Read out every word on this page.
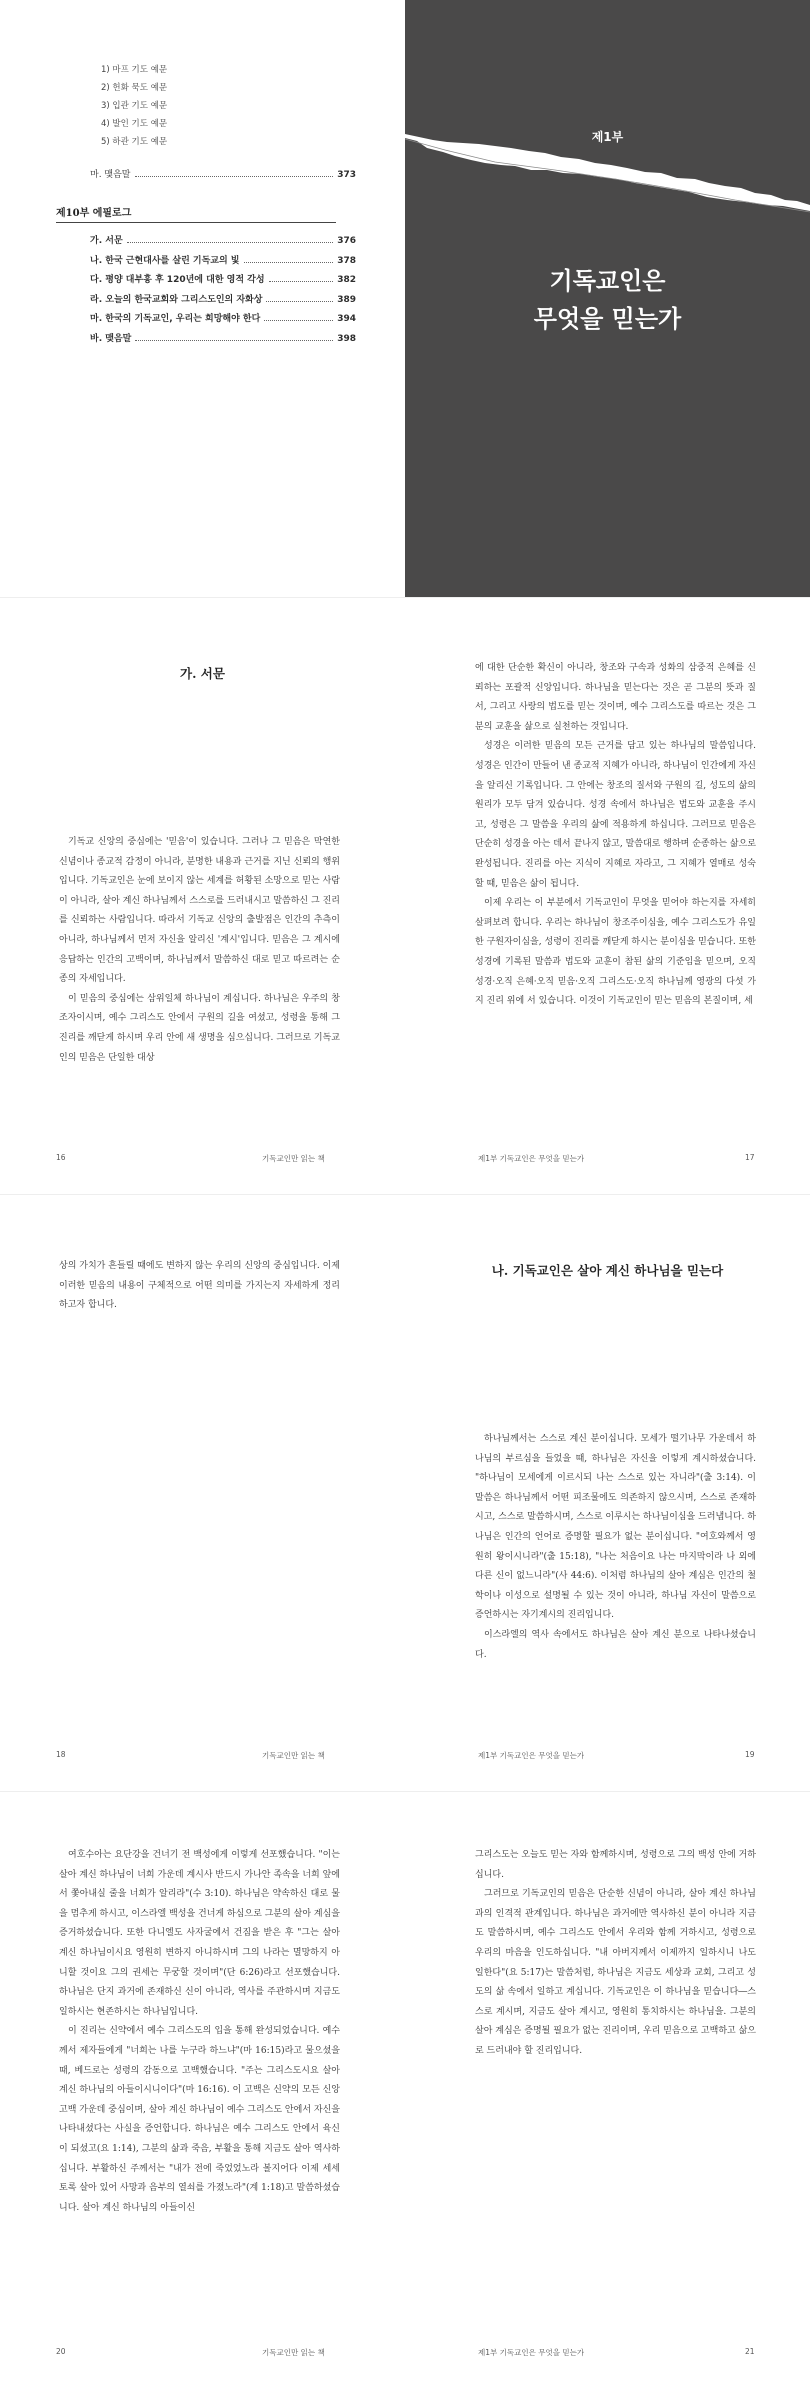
1) 마프 기도 예문
2) 헌화 묵도 예문
3) 입관 기도 예문
4) 발인 기도 예문
5) 하관 기도 예문
마. 맺음말	373
제10부 에필로그
가. 서문	376
나. 한국 근현대사를 살린 기독교의 빛	378
다. 평양 대부흥 후 120년에 대한 영적 각성	382
라. 오늘의 한국교회와 그리스도인의 자화상	389
마. 한국의 기독교인, 우리는 희망해야 한다	394
바. 맺음말	398
제1부
기독교인은
무엇을 믿는가
가. 서문

기독교 신앙의 중심에는 '믿음'이 있습니다. 그러나 그 믿음은 막연한 신념이나 종교적 감정이 아니라, 분명한 내용과 근거를 지닌 신뢰의 행위입니다. 기독교인은 눈에 보이지 않는 세계를 허황된 소망으로 믿는 사람이 아니라, 살아 계신 하나님께서 스스로를 드러내시고 말씀하신 그 진리를 신뢰하는 사람입니다. 따라서 기독교 신앙의 출발점은 인간의 추측이 아니라, 하나님께서 먼저 자신을 알리신 '계시'입니다. 믿음은 그 계시에 응답하는 인간의 고백이며, 하나님께서 말씀하신 대로 믿고 따르려는 순종의 자세입니다.

이 믿음의 중심에는 삼위일체 하나님이 계십니다. 하나님은 우주의 창조자이시며, 예수 그리스도 안에서 구원의 길을 여셨고, 성령을 통해 그 진리를 깨닫게 하시며 우리 안에 새 생명을 심으십니다. 그러므로 기독교인의 믿음은 단일한 대상

16	기독교인만 읽는 책

에 대한 단순한 확신이 아니라, 창조와 구속과 성화의 삼중적 은혜를 신뢰하는 포괄적 신앙입니다. 하나님을 믿는다는 것은 곧 그분의 뜻과 질서, 그리고 사랑의 법도를 믿는 것이며, 예수 그리스도를 따르는 것은 그분의 교훈을 삶으로 실천하는 것입니다.

성경은 이러한 믿음의 모든 근거를 담고 있는 하나님의 말씀입니다. 성경은 인간이 만들어 낸 종교적 지혜가 아니라, 하나님이 인간에게 자신을 알리신 기록입니다. 그 안에는 창조의 질서와 구원의 길, 성도의 삶의 원리가 모두 담겨 있습니다. 성경 속에서 하나님은 법도와 교훈을 주시고, 성령은 그 말씀을 우리의 삶에 적용하게 하십니다. 그러므로 믿음은 단순히 성경을 아는 데서 끝나지 않고, 말씀대로 행하며 순종하는 삶으로 완성됩니다. 진리를 아는 지식이 지혜로 자라고, 그 지혜가 열매로 성숙할 때, 믿음은 삶이 됩니다.

이제 우리는 이 부분에서 기독교인이 무엇을 믿어야 하는지를 자세히 살펴보려 합니다. 우리는 하나님이 창조주이심을, 예수 그리스도가 유일한 구원자이심을, 성령이 진리를 깨닫게 하시는 분이심을 믿습니다. 또한 성경에 기록된 말씀과 법도와 교훈이 참된 삶의 기준임을 믿으며, 오직 성경·오직 은혜·오직 믿음·오직 그리스도·오직 하나님께 영광의 다섯 가지 진리 위에 서 있습니다. 이것이 기독교인이 믿는 믿음의 본질이며, 세

제1부 기독교인은 무엇을 믿는가	17

상의 가치가 흔들릴 때에도 변하지 않는 우리의 신앙의 중심입니다. 이제 이러한 믿음의 내용이 구체적으로 어떤 의미를 가지는지 자세하게 정리하고자 합니다.

18	기독교인만 읽는 책
나. 기독교인은 살아 계신 하나님을 믿는다

하나님께서는 스스로 계신 분이십니다. 모세가 떨기나무 가운데서 하나님의 부르심을 들었을 때, 하나님은 자신을 이렇게 계시하셨습니다. "하나님이 모세에게 이르시되 나는 스스로 있는 자니라"(출 3:14). 이 말씀은 하나님께서 어떤 피조물에도 의존하지 않으시며, 스스로 존재하시고, 스스로 말씀하시며, 스스로 이루시는 하나님이심을 드러냅니다. 하나님은 인간의 언어로 증명할 필요가 없는 분이십니다. "여호와께서 영원히 왕이시니라"(출 15:18), "나는 처음이요 나는 마지막이라 나 외에 다른 신이 없느니라"(사 44:6). 이처럼 하나님의 살아 계심은 인간의 철학이나 이성으로 설명될 수 있는 것이 아니라, 하나님 자신이 말씀으로 증언하시는 자기계시의 진리입니다.

이스라엘의 역사 속에서도 하나님은 살아 계신 분으로 나타나셨습니다.

제1부 기독교인은 무엇을 믿는가	19

여호수아는 요단강을 건너기 전 백성에게 이렇게 선포했습니다. "이는 살아 계신 하나님이 너희 가운데 계시사 반드시 가나안 족속을 너희 앞에서 쫓아내실 줄을 너희가 알리라"(수 3:10). 하나님은 약속하신 대로 물을 멈추게 하시고, 이스라엘 백성을 건너게 하심으로 그분의 살아 계심을 증거하셨습니다. 또한 다니엘도 사자굴에서 건짐을 받은 후 "그는 살아 계신 하나님이시요 영원히 변하지 아니하시며 그의 나라는 멸망하지 아니할 것이요 그의 권세는 무궁할 것이며"(단 6:26)라고 선포했습니다. 하나님은 단지 과거에 존재하신 신이 아니라, 역사를 주관하시며 지금도 일하시는 현존하시는 하나님입니다.

이 진리는 신약에서 예수 그리스도의 입을 통해 완성되었습니다. 예수께서 제자들에게 "너희는 나를 누구라 하느냐"(마 16:15)라고 물으셨을 때, 베드로는 성령의 감동으로 고백했습니다. "주는 그리스도시요 살아 계신 하나님의 아들이시니이다"(마 16:16). 이 고백은 신약의 모든 신앙고백 가운데 중심이며, 살아 계신 하나님이 예수 그리스도 안에서 자신을 나타내셨다는 사실을 증언합니다. 하나님은 예수 그리스도 안에서 육신이 되셨고(요 1:14), 그분의 삶과 죽음, 부활을 통해 지금도 살아 역사하십니다. 부활하신 주께서는 "내가 전에 죽었었노라 볼지어다 이제 세세토록 살아 있어 사망과 음부의 열쇠를 가졌노라"(계 1:18)고 말씀하셨습니다. 살아 계신 하나님의 아들이신

20	기독교인만 읽는 책

그리스도는 오늘도 믿는 자와 함께하시며, 성령으로 그의 백성 안에 거하십니다.

그러므로 기독교인의 믿음은 단순한 신념이 아니라, 살아 계신 하나님과의 인격적 관계입니다. 하나님은 과거에만 역사하신 분이 아니라 지금도 말씀하시며, 예수 그리스도 안에서 우리와 함께 거하시고, 성령으로 우리의 마음을 인도하십니다. "내 아버지께서 이제까지 일하시니 나도 일한다"(요 5:17)는 말씀처럼, 하나님은 지금도 세상과 교회, 그리고 성도의 삶 속에서 일하고 계십니다. 기독교인은 이 하나님을 믿습니다―스스로 계시며, 지금도 살아 계시고, 영원히 통치하시는 하나님을. 그분의 살아 계심은 증명될 필요가 없는 진리이며, 우리 믿음으로 고백하고 삶으로 드러내야 할 진리입니다.

제1부 기독교인은 무엇을 믿는가	21
